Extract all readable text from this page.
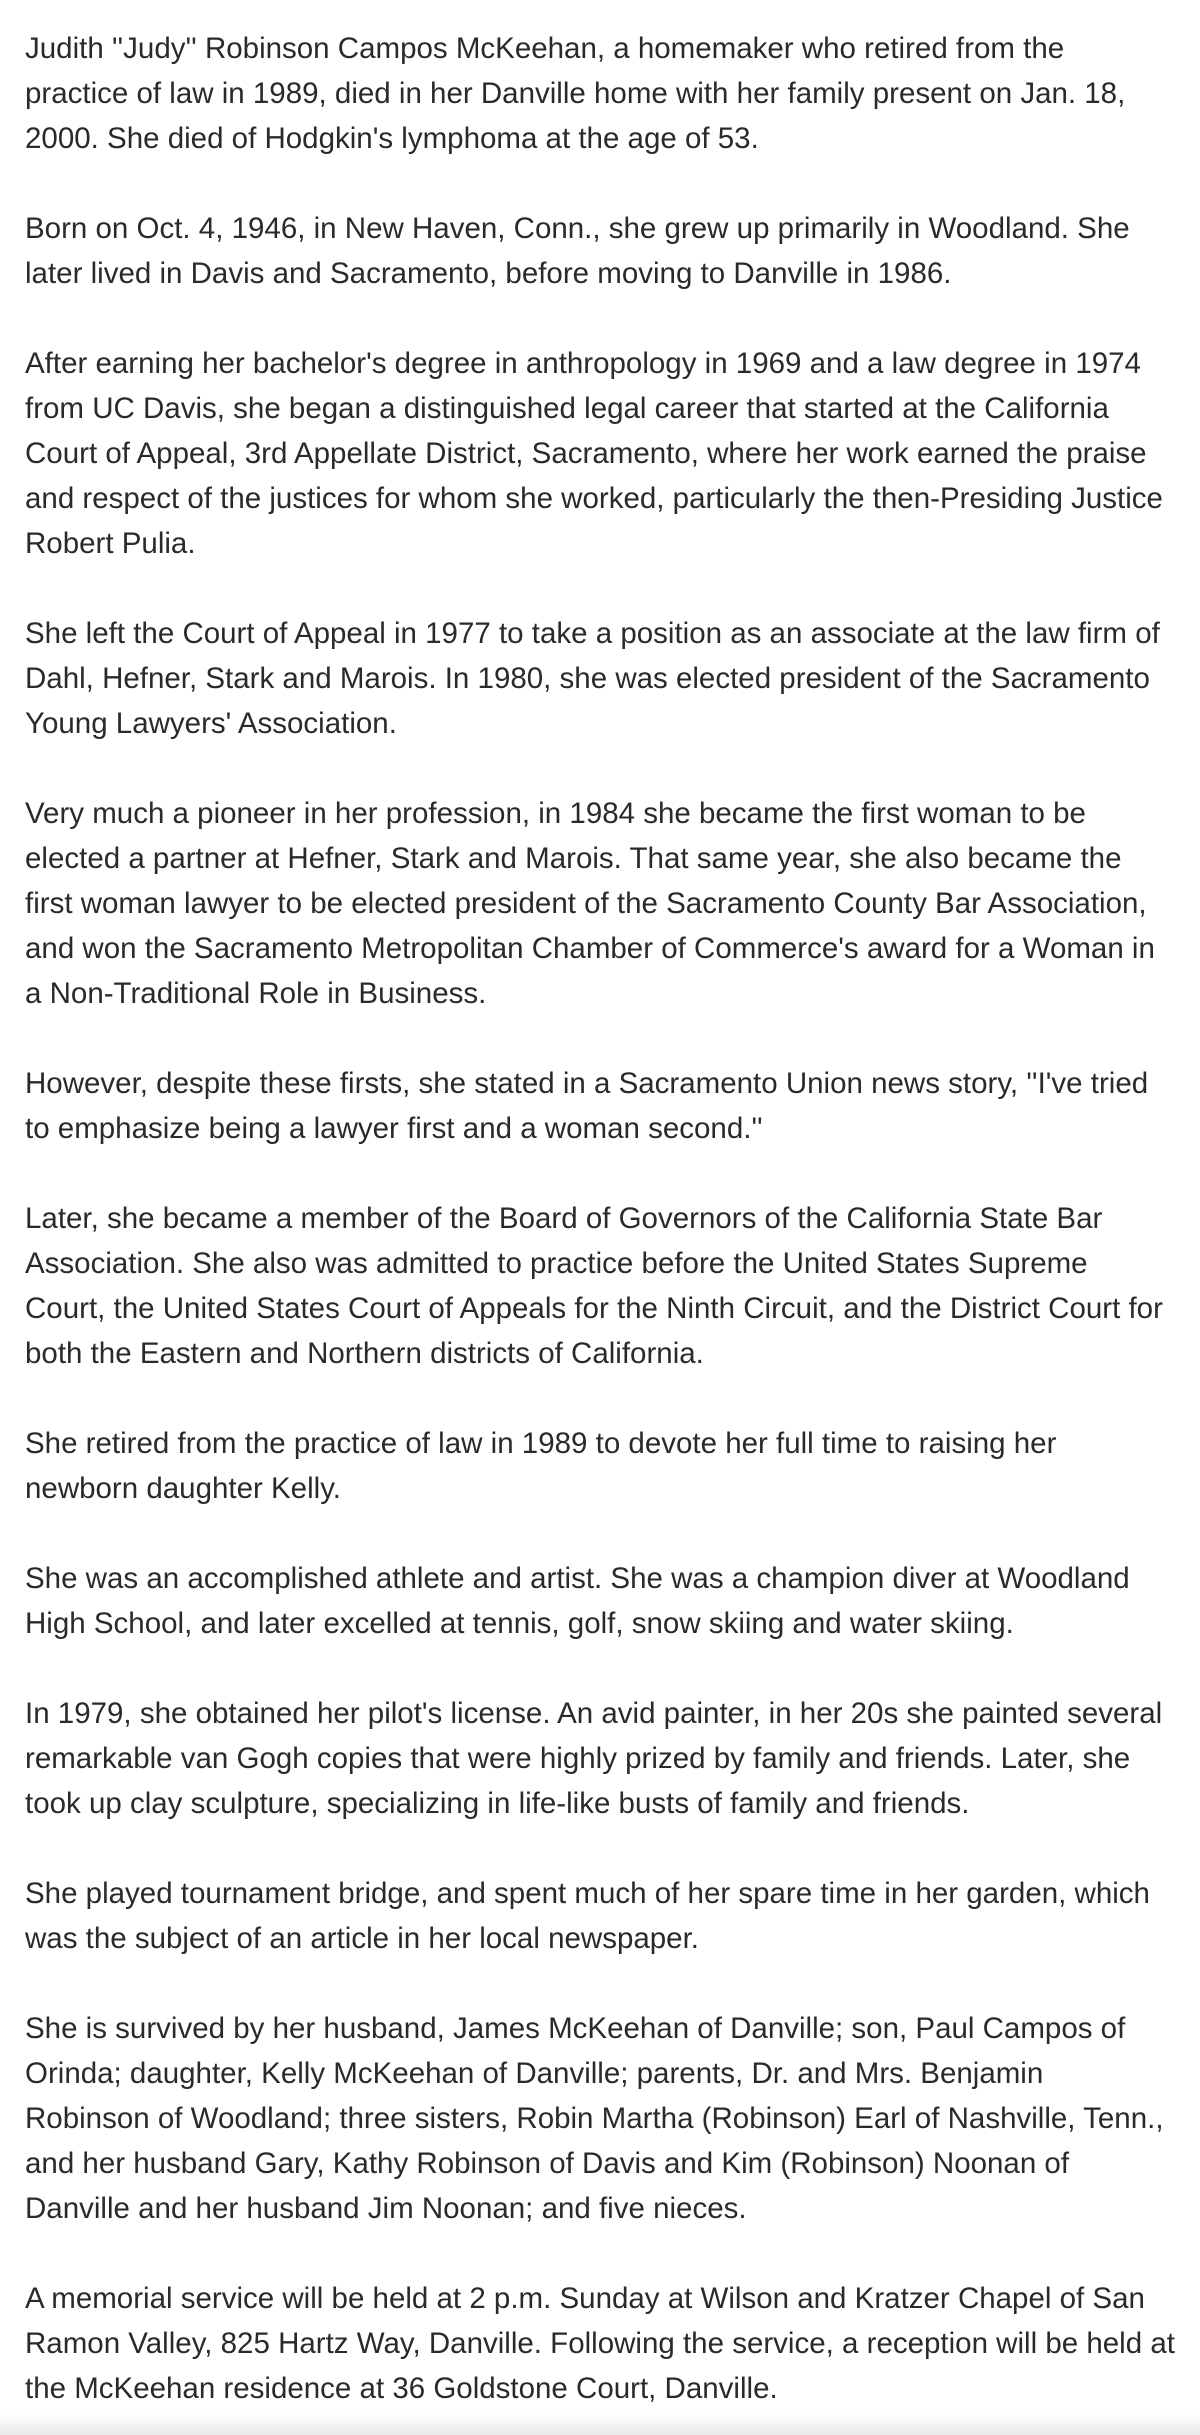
Judith ''Judy'' Robinson Campos McKeehan, a homemaker who retired from the practice of law in 1989, died in her Danville home with her family present on Jan. 18, 2000. She died of Hodgkin's lymphoma at the age of 53.

Born on Oct. 4, 1946, in New Haven, Conn., she grew up primarily in Woodland. She later lived in Davis and Sacramento, before moving to Danville in 1986.

After earning her bachelor's degree in anthropology in 1969 and a law degree in 1974 from UC Davis, she began a distinguished legal career that started at the California Court of Appeal, 3rd Appellate District, Sacramento, where her work earned the praise and respect of the justices for whom she worked, particularly the then-Presiding Justice Robert Pulia.

She left the Court of Appeal in 1977 to take a position as an associate at the law firm of Dahl, Hefner, Stark and Marois. In 1980, she was elected president of the Sacramento Young Lawyers' Association.

Very much a pioneer in her profession, in 1984 she became the first woman to be elected a partner at Hefner, Stark and Marois. That same year, she also became the first woman lawyer to be elected president of the Sacramento County Bar Association, and won the Sacramento Metropolitan Chamber of Commerce's award for a Woman in a Non-Traditional Role in Business.

However, despite these firsts, she stated in a Sacramento Union news story, ''I've tried to emphasize being a lawyer first and a woman second.''

Later, she became a member of the Board of Governors of the California State Bar Association. She also was admitted to practice before the United States Supreme Court, the United States Court of Appeals for the Ninth Circuit, and the District Court for both the Eastern and Northern districts of California.

She retired from the practice of law in 1989 to devote her full time to raising her newborn daughter Kelly.

She was an accomplished athlete and artist. She was a champion diver at Woodland High School, and later excelled at tennis, golf, snow skiing and water skiing.

In 1979, she obtained her pilot's license. An avid painter, in her 20s she painted several remarkable van Gogh copies that were highly prized by family and friends. Later, she took up clay sculpture, specializing in life-like busts of family and friends.

She played tournament bridge, and spent much of her spare time in her garden, which was the subject of an article in her local newspaper.

She is survived by her husband, James McKeehan of Danville; son, Paul Campos of Orinda; daughter, Kelly McKeehan of Danville; parents, Dr. and Mrs. Benjamin Robinson of Woodland; three sisters, Robin Martha (Robinson) Earl of Nashville, Tenn., and her husband Gary, Kathy Robinson of Davis and Kim (Robinson) Noonan of Danville and her husband Jim Noonan; and five nieces.

A memorial service will be held at 2 p.m. Sunday at Wilson and Kratzer Chapel of San Ramon Valley, 825 Hartz Way, Danville. Following the service, a reception will be held at the McKeehan residence at 36 Goldstone Court, Danville.
